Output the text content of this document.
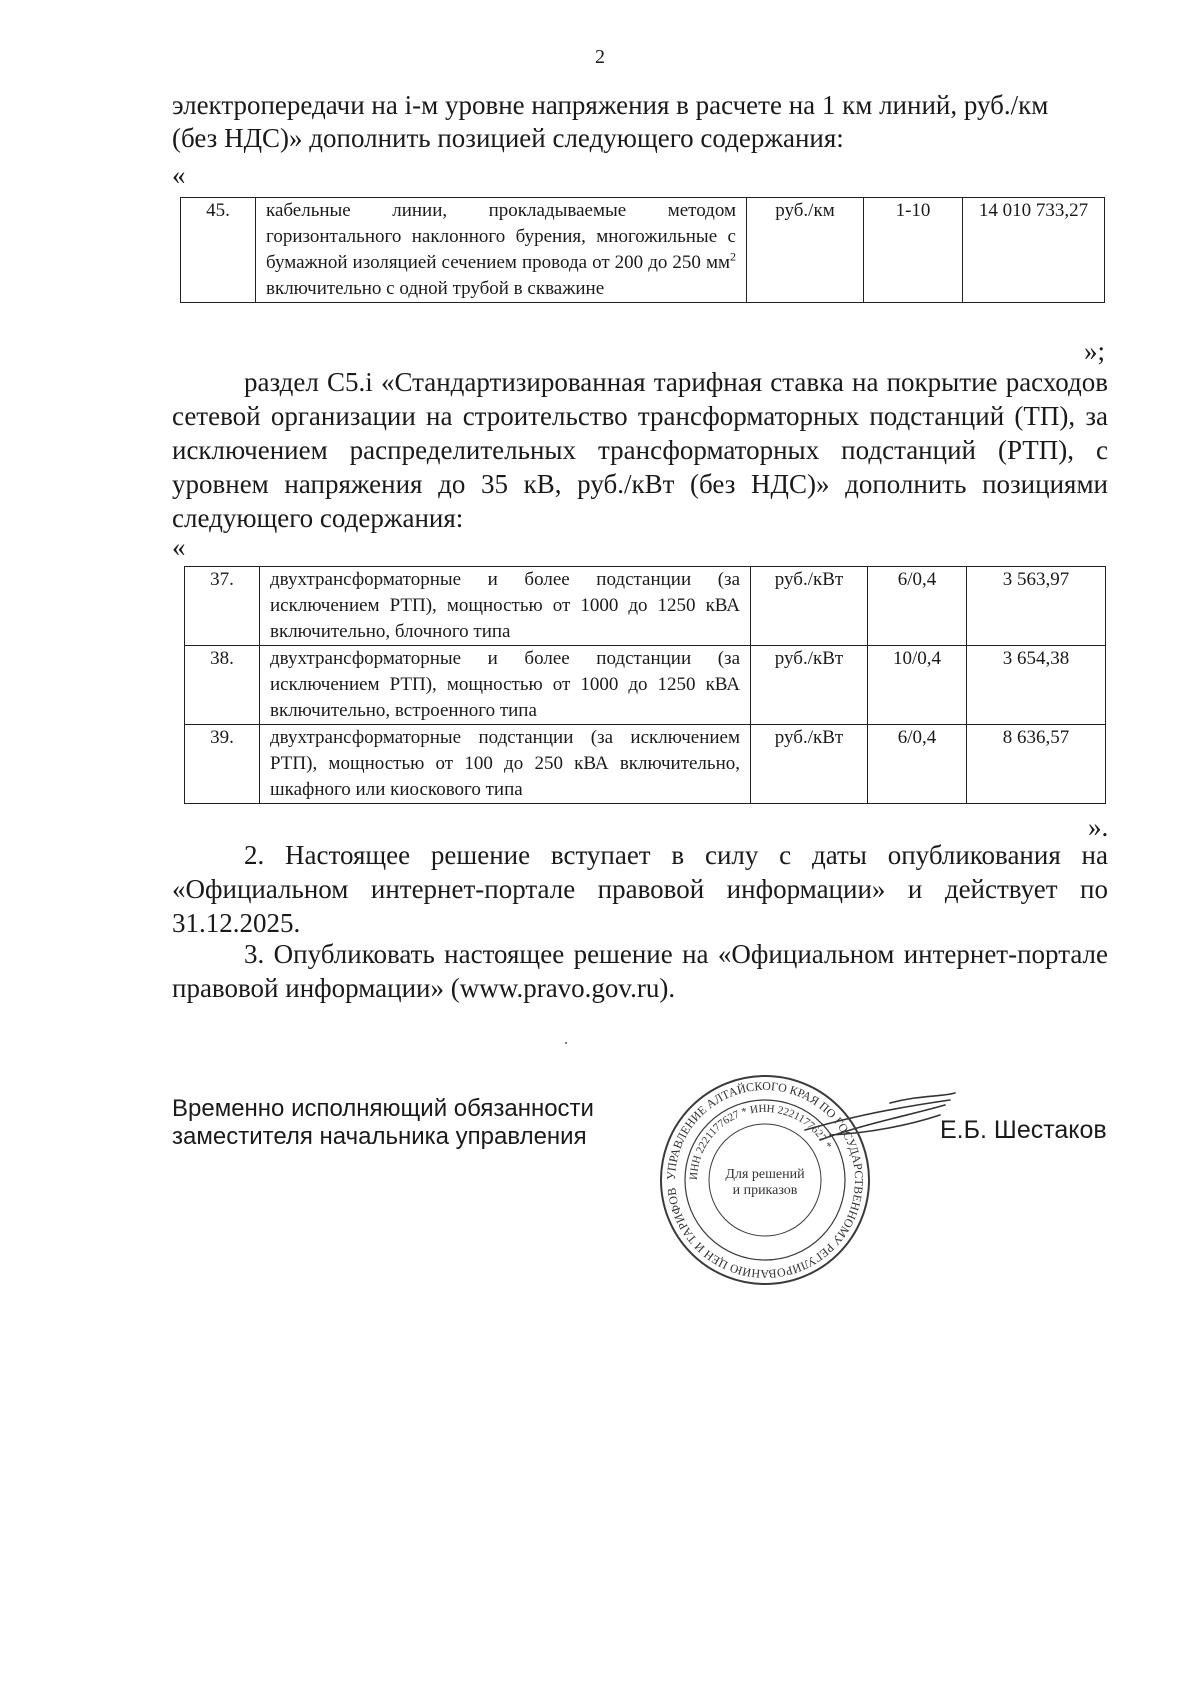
2
электропередачи на i-м уровне напряжения в расчете на 1 км линий, руб./км
(без НДС)» дополнить позицией следующего содержания:
«
45.	кабельные линии, прокладываемые методом горизонтального наклонного бурения, многожильные с бумажной изоляцией сечением провода от 200 до 250 $мм^2$ включительно с одной трубой в скважине	руб./км	1-10	14 010 733,27
»;
раздел С5.i «Стандартизированная тарифная ставка на покрытие расходов сетевой организации на строительство трансформаторных подстанций (ТП), за исключением распределительных трансформаторных подстанций (РТП), с уровнем напряжения до 35 кВ, руб./кВт (без НДС)» дополнить позициями следующего содержания:
«
37.	двухтрансформаторные и более подстанции (за исключением РТП), мощностью от 1000 до 1250 кВА включительно, блочного типа	руб./кВт	6/0,4	3 563,97
38.	двухтрансформаторные и более подстанции (за исключением РТП), мощностью от 1000 до 1250 кВА включительно, встроенного типа	руб./кВт	10/0,4	3 654,38
39.	двухтрансформаторные подстанции (за исключением РТП), мощностью от 100 до 250 кВА включительно, шкафного или киоскового типа	руб./кВт	6/0,4	8 636,57
».
2. Настоящее решение вступает в силу с даты опубликования на «Официальном интернет-портале правовой информации» и действует по 31.12.2025.
3. Опубликовать настоящее решение на «Официальном интернет-портале правовой информации» (www.pravo.gov.ru).
Временно исполняющий обязанности
заместителя начальника управления	Е.Б. Шестаков
УПРАВЛЕНИЕ АЛТАЙСКОГО КРАЯ ПО ГОСУДАРСТВЕННОМУ РЕГУЛИРОВАНИЮ ЦЕН И ТАРИФОВ
ИНН 2221177627 * ИНН 2221177627 *
Для решений
и приказов
